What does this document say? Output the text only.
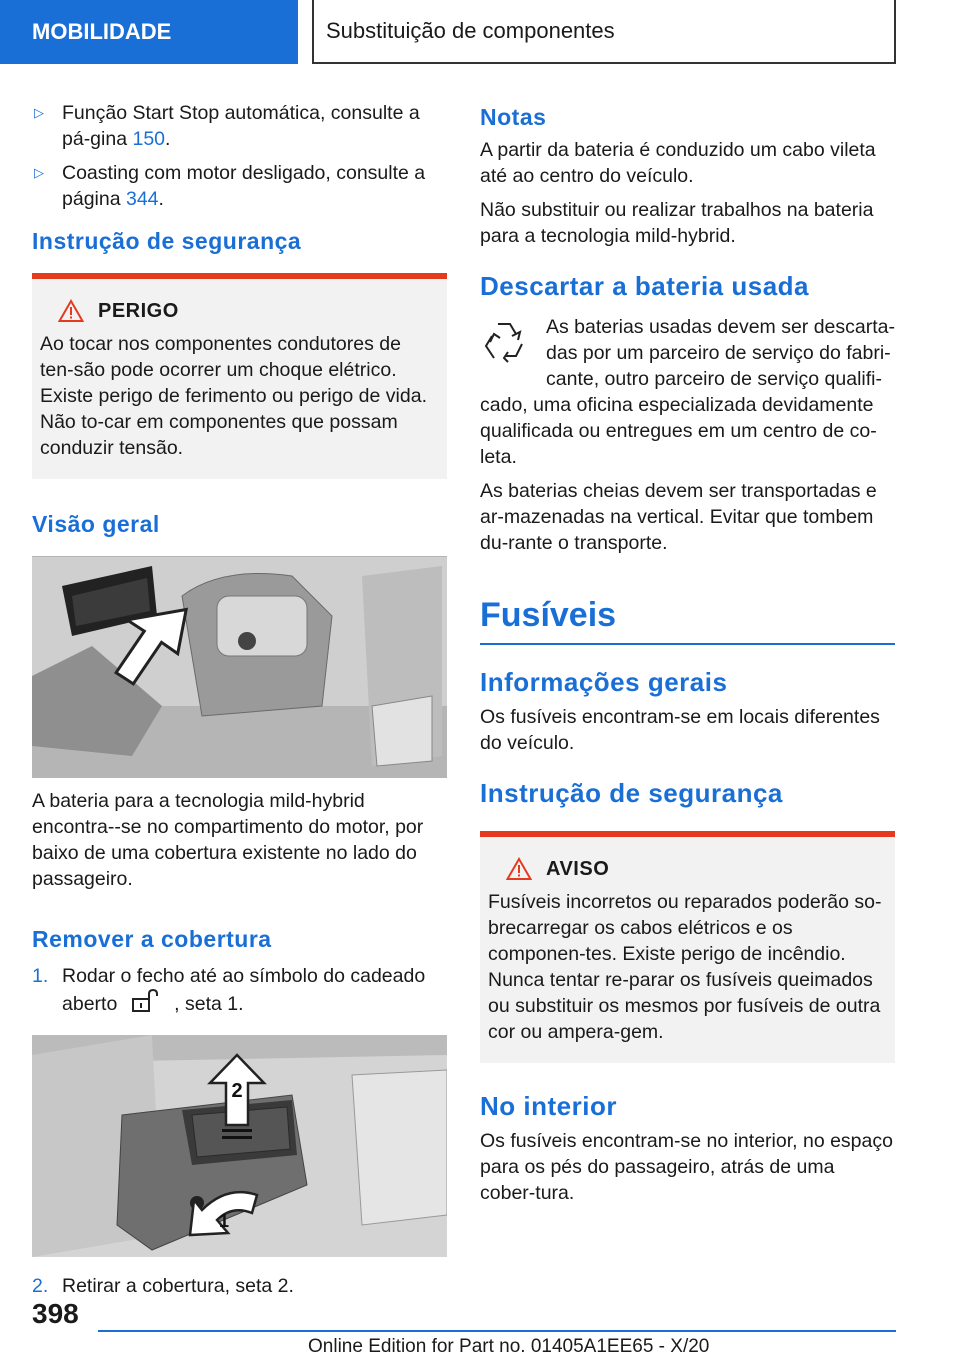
MOBILIDADE	Substituição de componentes
▷ Função Start Stop automática, consulte a pá‐gina 150.
▷ Coasting com motor desligado, consulte a página 344.
Instrução de segurança
PERIGO

Ao tocar nos componentes condutores de ten‐são pode ocorrer um choque elétrico. Existe perigo de ferimento ou perigo de vida. Não to‐car em componentes que possam conduzir tensão.

Visão geral

A bateria para a tecnologia mild-hybrid encontra‐-se no compartimento do motor, por baixo de uma cobertura existente no lado do passageiro.

Remover a cobertura
1. Rodar o fecho até ao símbolo do cadeado aberto	, seta 1.
2
1
2. Retirar a cobertura, seta 2.
Notas

A partir da bateria é conduzido um cabo vileta até ao centro do veículo.

Não substituir ou realizar trabalhos na bateria para a tecnologia mild-hybrid.

Descartar a bateria usada

As baterias usadas devem ser descarta‐das por um parceiro de serviço do fabri‐cante, outro parceiro de serviço qualifi‐

cado, uma oficina especializada devidamente qualificada ou entregues em um centro de co‐leta.

As baterias cheias devem ser transportadas e ar‐mazenadas na vertical. Evitar que tombem du‐rante o transporte.

Fusíveis
Informações gerais

Os fusíveis encontram-se em locais diferentes do veículo.

Instrução de segurança
AVISO

Fusíveis incorretos ou reparados poderão so‐brecarregar os cabos elétricos e os componen‐tes. Existe perigo de incêndio. Nunca tentar re‐parar os fusíveis queimados ou substituir os mesmos por fusíveis de outra cor ou ampera‐gem.

No interior

Os fusíveis encontram-se no interior, no espaço para os pés do passageiro, atrás de uma cober‐tura.

398
Online Edition for Part no. 01405A1EE65 - X/20
